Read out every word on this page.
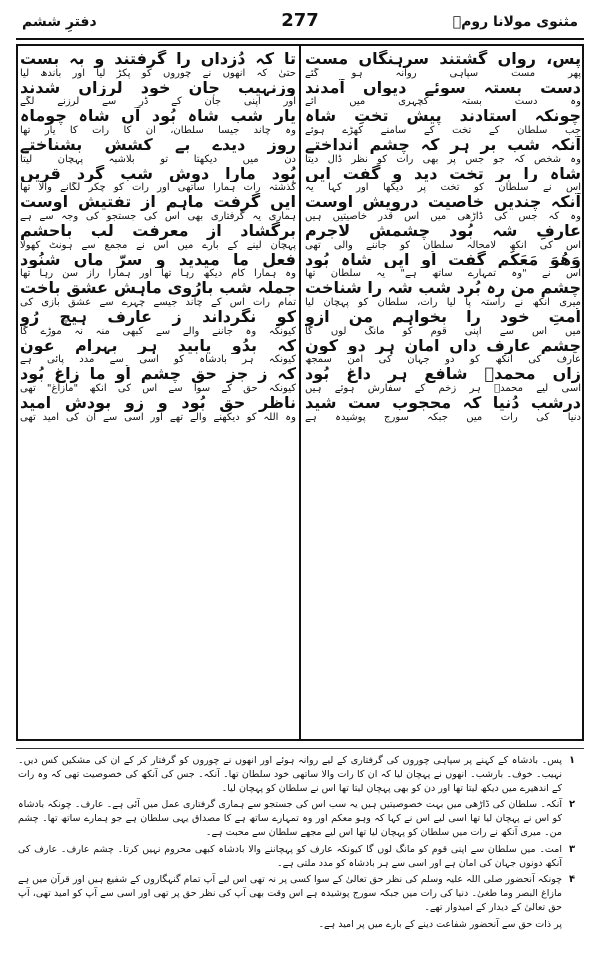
مثنوی مولانا رومؒ
277
دفترِ ششم
پس، رواں گشتند سرہنگاں مست
پھر مست سپاہی روانہ ہو گئے
دست بستہ سوئے دیواں آمدند
وہ دست بستہ کچہری میں آئے
چونکہ استادند پیشِ تختِ شاہ
جب سلطان کے تخت کے سامنے کھڑے ہوئے
آنکہ شب بر ہر کہ چشم انداختے
وہ شخص کہ جو جس پر بھی رات کو نظر ڈال دیتا
شاہ را بر تخت دید و گفت ایں
اس نے سلطان کو تخت پر دیکھا اور کہا یہ
آنکہ چندیں خاصیت درویش اوست
وہ کہ جس کی ڈاڑھی میں اس قدر خاصیتیں ہیں
عارفِ شہ بُود چشمش لاجرم
اس کی آنکھ لامحالہ سلطان کو جاننے والی تھی
وَھُوَ مَعَکُم گفت اُو ایں شاہ بُود
اس نے "وہ تمہارے ساتھ ہے" یہ سلطان تھا
چشم من رہ بُرد شب شہ را شناخت
میری آنکھ نے راستہ پا لیا رات، سلطان کو پہچان لیا
اُمتِ خود را بخواہم من ازو
میں اس سے اپنی قوم کو مانگ لوں گا
چشمِ عارف داں امانِ ہر دو کون
عارف کی آنکھ کو دو جہان کی امن سمجھ
زاں محمدؐ شافعِ ہر داغ بُود
اسی لیے محمدؐ ہر زخم کے سفارش ہوئے ہیں
درشب دُنیا کہ محجوب ست شید
دنیا کی رات میں جبکہ سورج پوشیدہ ہے
تا کہ دُزداں را گرفتند و بہ بست
حتیٰ کہ انھوں نے چوروں کو پکڑ لیا اور باندھ لیا
وزنہیبِ جانِ خود لرزاں شدند
اور اپنی جان کے ڈر سے لرزنے لگے
یارِ شب شاہ بُود آں شاہ چوماہ
وہ چاند جیسا سلطان، ان کا رات کا یار تھا
روز دیدے بے کشش بشناختے
دن میں دیکھتا تو بلاشبہ پہچان لیتا
بُود مارا دوش شب گرد قریں
گذشتہ رات ہمارا ساتھی اور رات کو چکر لگانے والا تھا
ایں گرفت ماہم از تفتیشِ اوست
ہماری یہ گرفتاری بھی اس کی جستجو کی وجہ سے ہے
برگشاد از معرفت لب باحشم
پہچان لینے کے بارے میں اس نے مجمع سے ہونٹ کھولا
فعلِ ما میدید و سرّ ماں شنُود
وہ ہمارا کام دیکھ رہا تھا اور ہمارا راز سن رہا تھا
جملہ شب بارُوی ماہش عشق باخت
تمام رات اس کے چاند جیسے چہرے سے عشق بازی کی
کو نگرداند ز عارف ہیچ رُو
کیونکہ وہ جاننے والے سے کبھی منہ نہ موڑے گا
کہ بدُو یابید ہر بہرام عون
کیونکہ ہر بادشاہ کو اسی سے مدد پائی ہے
کہ زِ جز حق چشم اُو ما زاغ بُود
کیونکہ حق کے سوا سے اس کی آنکھ "مازاغ" تھی
ناظرِ حق بُود و زو بودش امید
وہ اللہ کو دیکھنے والے تھے اور اسی سے ان کی امید تھی
۱
پس۔ بادشاہ کے کہنے پر سپاہی چوروں کی گرفتاری کے لیے روانہ ہوئے اور انھوں نے چوروں کو گرفتار کر کے ان کی مشکیں کس دیں۔ نہیب۔ خوف۔ بارشب۔ انھوں نے پہچان لیا کہ ان کا رات والا ساتھی خود سلطان تھا۔ آنکہ۔ جس کی آنکھ کی خصوصیت تھی کہ وہ رات کے اندھیرے میں دیکھ لیتا تھا اور دن کو بھی پہچان لیتا تھا اس نے سلطان کو پہچان لیا۔
۲
آنکہ۔ سلطان کی ڈاڑھی میں بہت خصوصیتیں ہیں یہ سب اس کی جستجو سے ہماری گرفتاری عمل میں آئی ہے۔ عارف۔ چونکہ بادشاہ کو اس نے پہچان لیا تھا اسی لیے اس نے کہا کہ وہو معکم اور وہ تمہارے ساتھ ہے کا مصداق یہی سلطان ہے جو ہمارے ساتھ تھا۔ چشم من۔ میری آنکھ نے رات میں سلطان کو پہچان لیا تھا اس لیے مجھے سلطان سے محبت ہے۔
۳
امت۔ میں سلطان سے اپنی قوم کو مانگ لوں گا کیونکہ عارف کو پہچاننے والا بادشاہ کبھی محروم نہیں کرتا۔ چشم عارف۔ عارف کی آنکھ دونوں جہان کی امان ہے اور اسی سے ہر بادشاہ کو مدد ملتی ہے۔
۴
چونکہ آنحضور صلی اللہ علیہ وسلم کی نظر حق تعالیٰ کے سوا کسی پر نہ تھی اس لیے آپ تمام گنہگاروں کے شفیع ہیں اور قرآن میں ہے مازاغ البصر وما طغیٰ۔ دنیا کی رات میں جبکہ سورج پوشیدہ ہے اس وقت بھی آپ کی نظر حق پر تھی اور اسی سے آپ کو امید تھی، آپ حق تعالیٰ کے دیدار کے امیدوار تھے۔
پر ذات حق سے آنحضور شفاعت دینے کے بارے میں پر امید ہے۔
